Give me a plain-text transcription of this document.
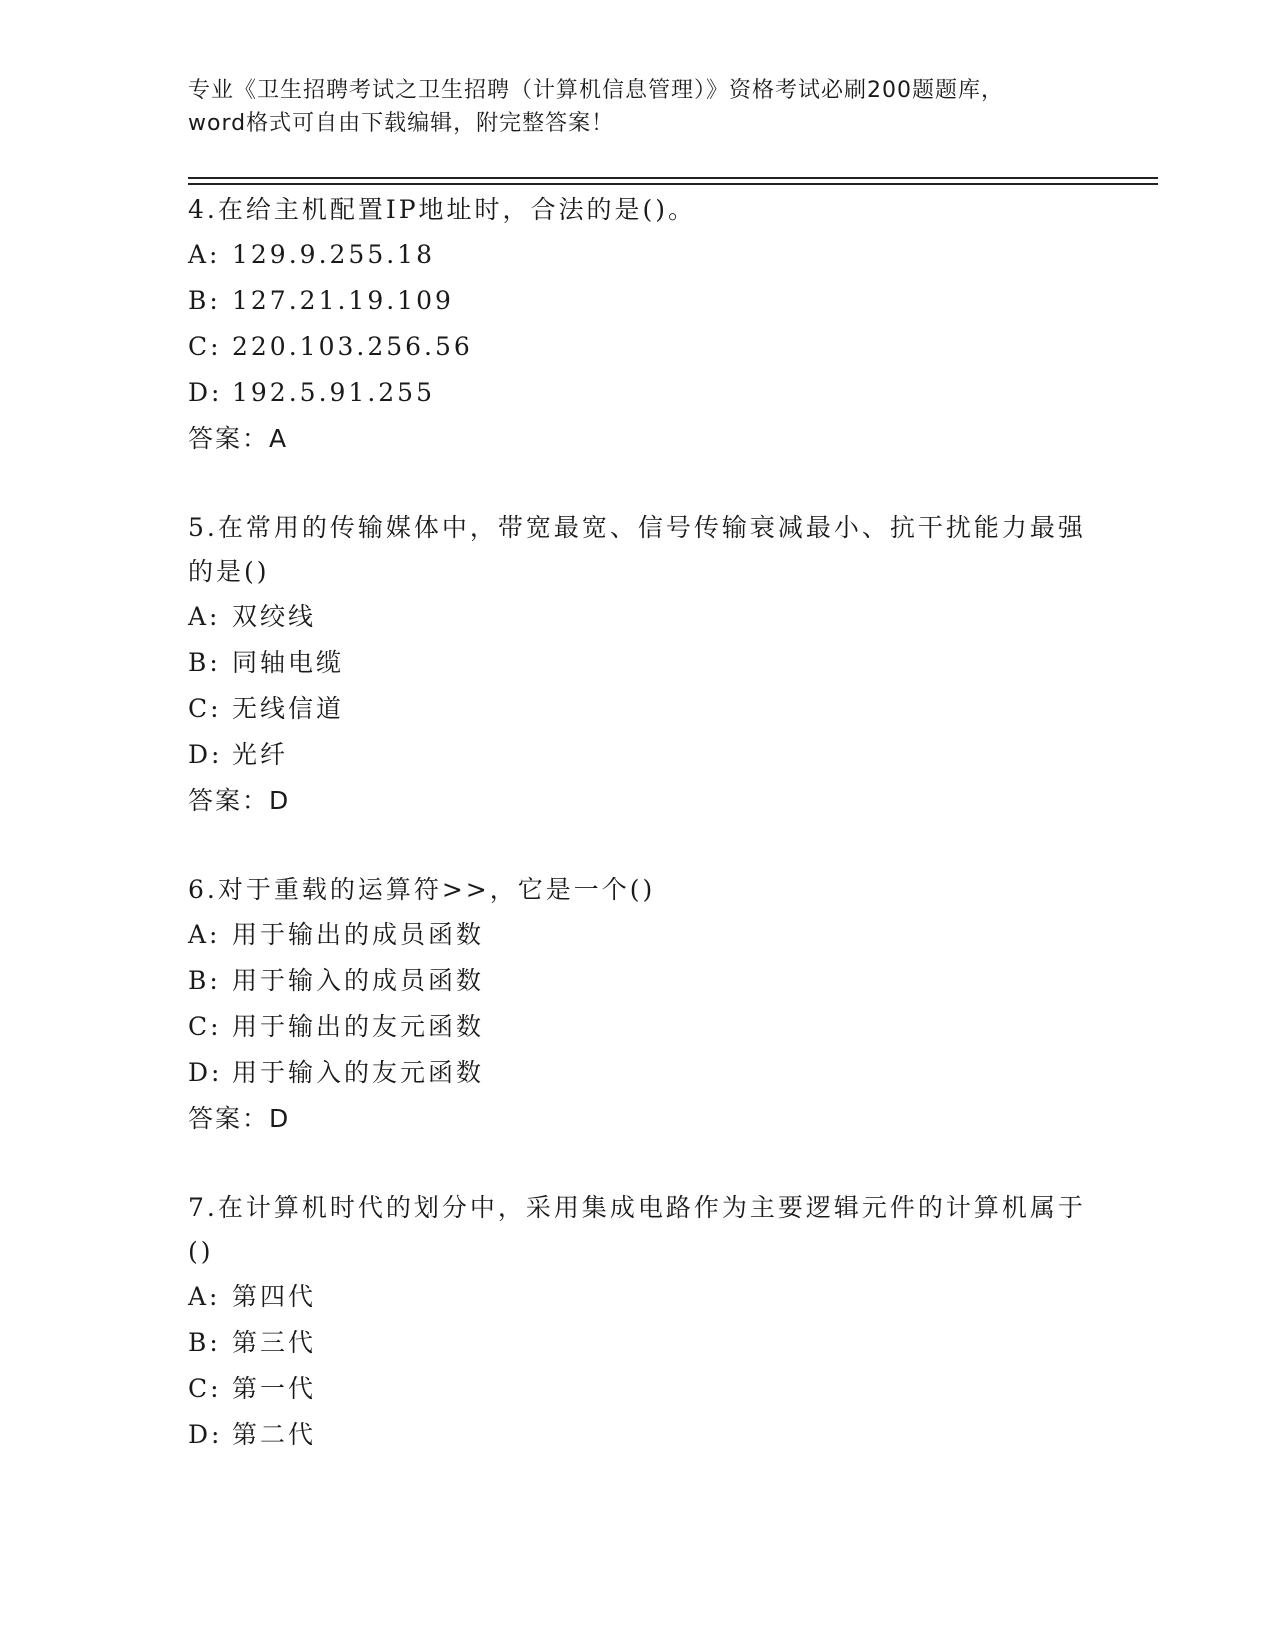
专业《卫生招聘考试之卫生招聘（计算机信息管理）》资格考试必刷200题题库，
word格式可自由下载编辑，附完整答案！

4.在给主机配置IP地址时，合法的是()。

A: 129.9.255.18
B: 127.21.19.109
C: 220.103.256.56
D: 192.5.91.255
答案：A

5.在常用的传输媒体中，带宽最宽、信号传输衰减最小、抗干扰能力最强的是()

A: 双绞线
B: 同轴电缆
C: 无线信道
D: 光纤
答案：D

6.对于重载的运算符>>，它是一个()

A: 用于输出的成员函数
B: 用于输入的成员函数
C: 用于输出的友元函数
D: 用于输入的友元函数
答案：D

7.在计算机时代的划分中，采用集成电路作为主要逻辑元件的计算机属于()

A: 第四代
B: 第三代
C: 第一代
D: 第二代
